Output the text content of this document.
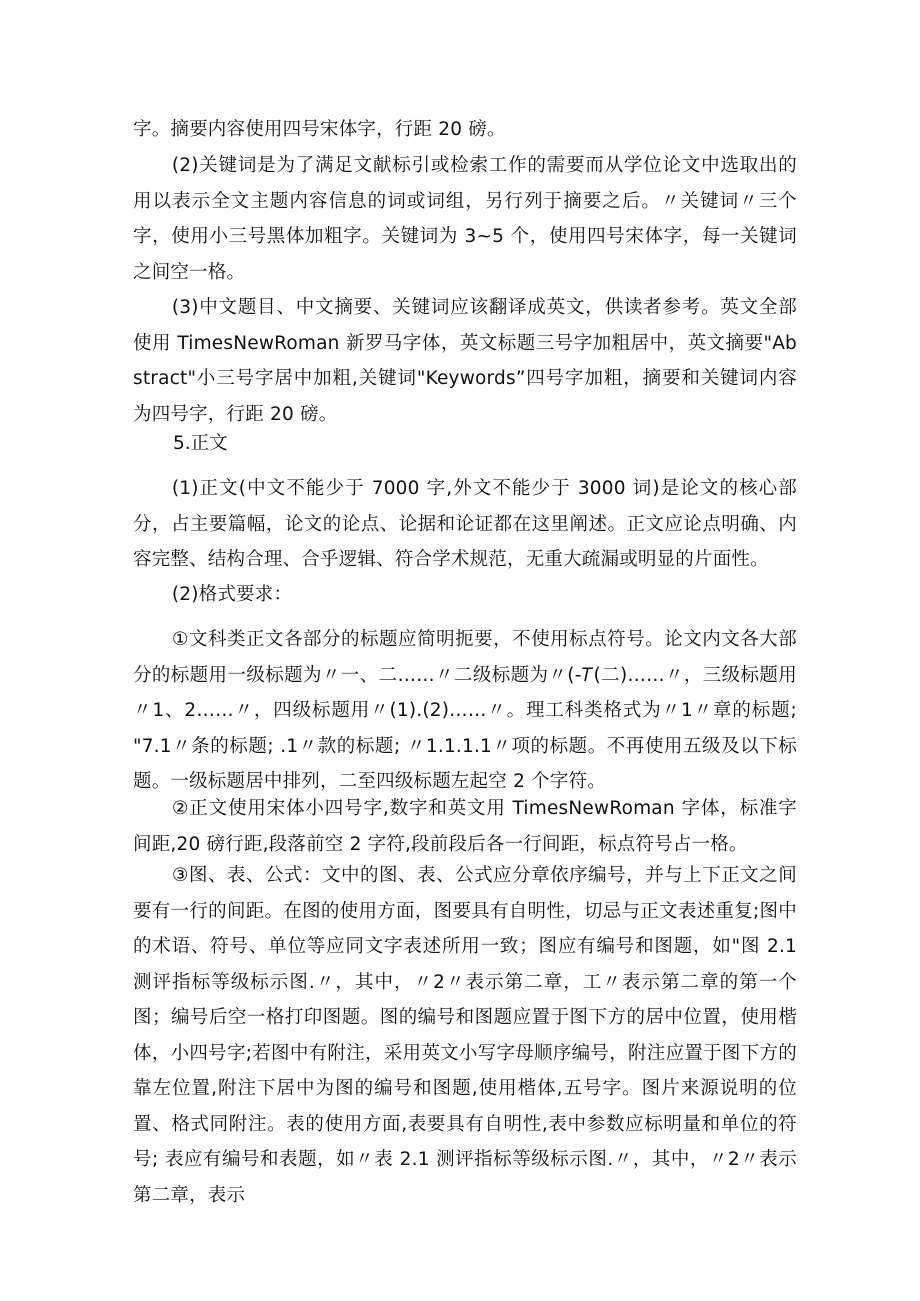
字。摘要内容使用四号宋体字，行距 20 磅。

(2)关键词是为了满足文献标引或检索工作的需要而从学位论文中选取出的用以表示全文主题内容信息的词或词组，另行列于摘要之后。〃关键词〃三个字，使用小三号黑体加粗字。关键词为 3~5 个，使用四号宋体字，每一关键词之间空一格。

(3)中文题目、中文摘要、关键词应该翻译成英文，供读者参考。英文全部使用 TimesNewRoman 新罗马字体，英文标题三号字加粗居中，英文摘要"Abstract"小三号字居中加粗,关键词"Keywords”四号字加粗，摘要和关键词内容为四号字，行距 20 磅。

5.正文

(1)正文(中文不能少于 7000 字,外文不能少于 3000 词)是论文的核心部分，占主要篇幅，论文的论点、论据和论证都在这里阐述。正文应论点明确、内容完整、结构合理、合乎逻辑、符合学术规范，无重大疏漏或明显的片面性。

(2)格式要求：

①文科类正文各部分的标题应简明扼要，不使用标点符号。论文内文各大部分的标题用一级标题为〃一、二……〃二级标题为〃(-𝑇(二)……〃，三级标题用〃1、2……〃，四级标题用〃(1).(2)……〃。理工科类格式为〃1〃章的标题; "7.1〃条的标题; .1〃款的标题; 〃1.1.1.1〃项的标题。不再使用五级及以下标题。一级标题居中排列，二至四级标题左起空 2 个字符。

②正文使用宋体小四号字,数字和英文用 TimesNewRoman 字体，标准字间距,20 磅行距,段落前空 2 字符,段前段后各一行间距，标点符号占一格。

③图、表、公式：文中的图、表、公式应分章依序编号，并与上下正文之间要有一行的间距。在图的使用方面，图要具有自明性，切忌与正文表述重复;图中的术语、符号、单位等应同文字表述所用一致；图应有编号和图题，如"图 2.1 测评指标等级标示图.〃，其中，〃2〃表示第二章，工〃表示第二章的第一个图；编号后空一格打印图题。图的编号和图题应置于图下方的居中位置，使用楷体，小四号字;若图中有附注，采用英文小写字母顺序编号，附注应置于图下方的靠左位置,附注下居中为图的编号和图题,使用楷体,五号字。图片来源说明的位置、格式同附注。表的使用方面,表要具有自明性,表中参数应标明量和单位的符号; 表应有编号和表题，如〃表 2.1 测评指标等级标示图.〃，其中，〃2〃表示第二章，表示
